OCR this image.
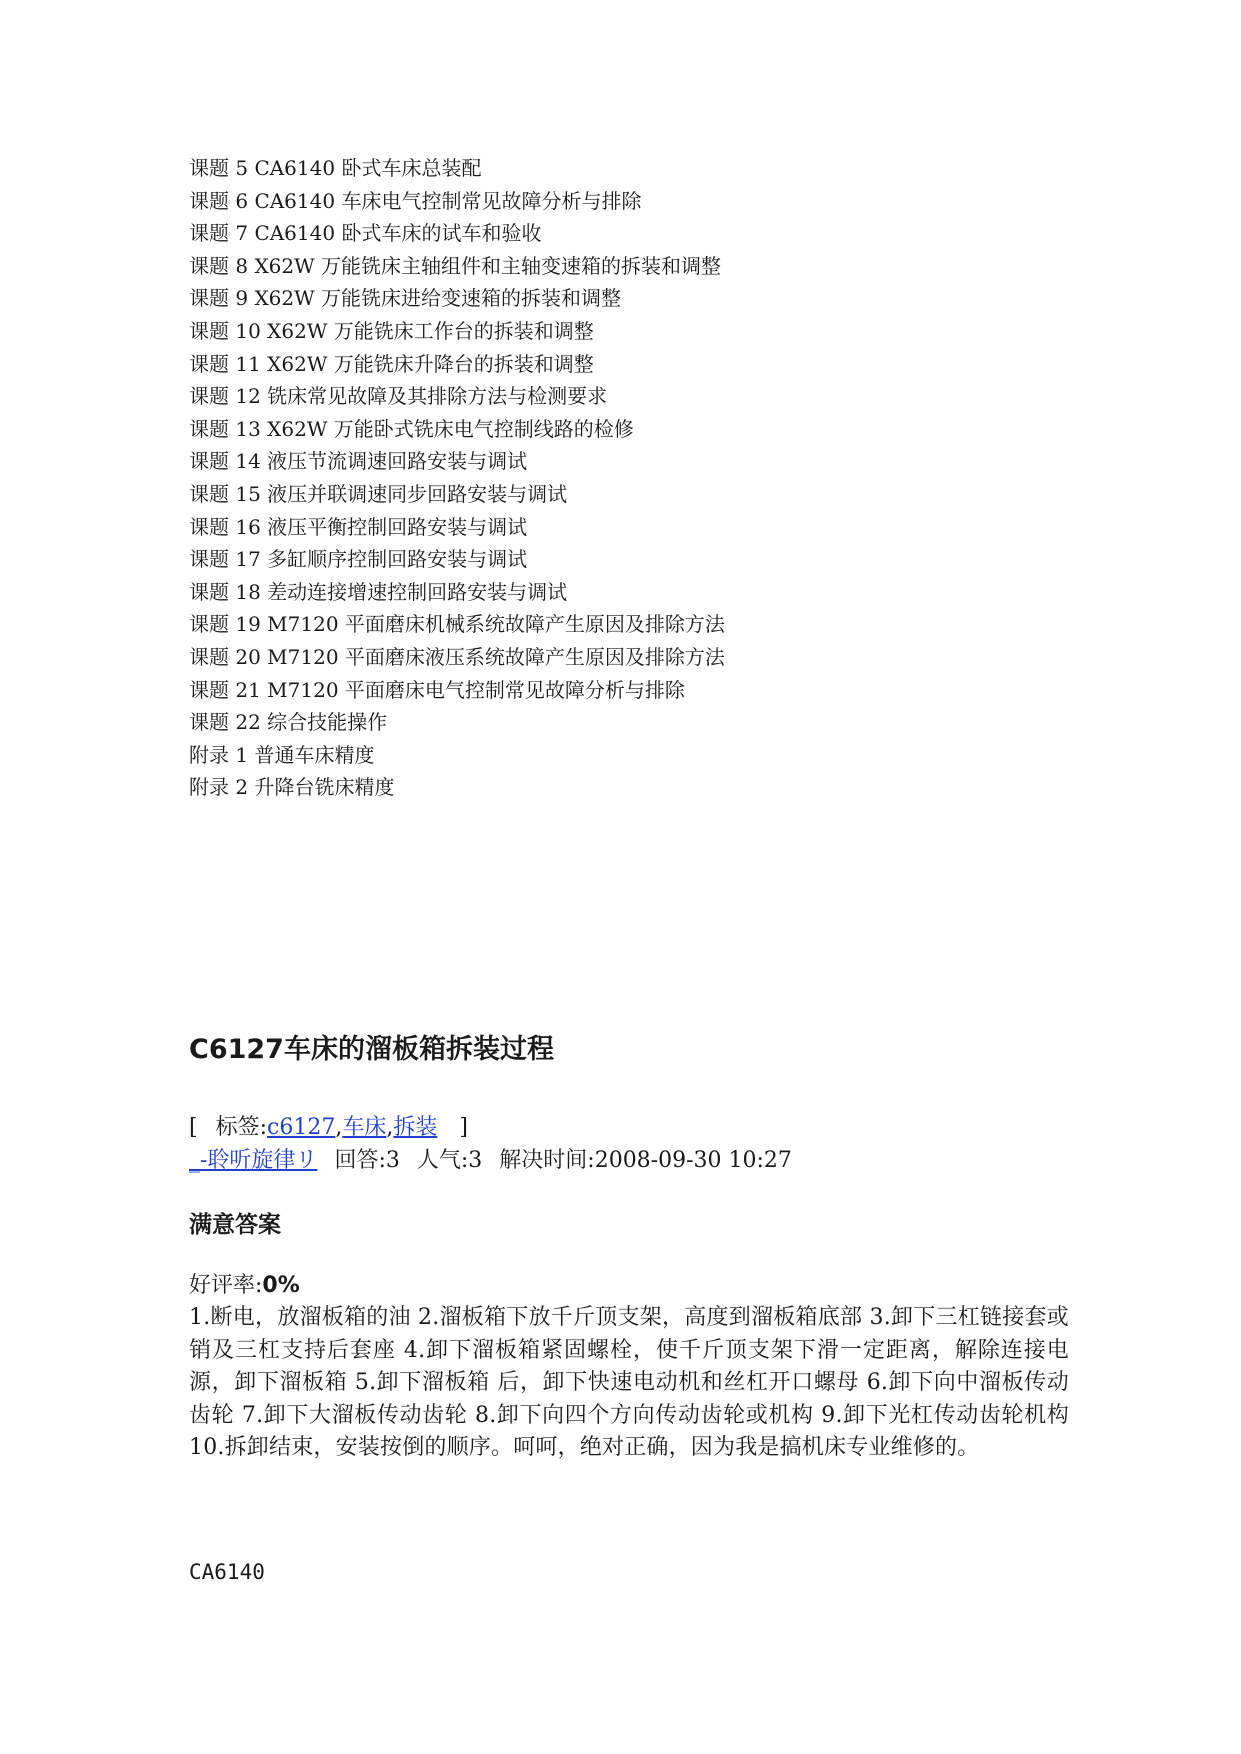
课题 5 CA6140 卧式车床总装配
课题 6 CA6140 车床电气控制常见故障分析与排除
课题 7 CA6140 卧式车床的试车和验收
课题 8 X62W 万能铣床主轴组件和主轴变速箱的拆装和调整
课题 9 X62W 万能铣床进给变速箱的拆装和调整
课题 10 X62W 万能铣床工作台的拆装和调整
课题 11 X62W 万能铣床升降台的拆装和调整
课题 12 铣床常见故障及其排除方法与检测要求
课题 13 X62W 万能卧式铣床电气控制线路的检修
课题 14 液压节流调速回路安装与调试
课题 15 液压并联调速同步回路安装与调试
课题 16 液压平衡控制回路安装与调试
课题 17 多缸顺序控制回路安装与调试
课题 18 差动连接增速控制回路安装与调试
课题 19 M7120 平面磨床机械系统故障产生原因及排除方法
课题 20 M7120 平面磨床液压系统故障产生原因及排除方法
课题 21 M7120 平面磨床电气控制常见故障分析与排除
课题 22 综合技能操作
附录 1 普通车床精度
附录 2 升降台铣床精度
C6127车床的溜板箱拆装过程
[ 标签:c6127,车床,拆装 ]
_-聆听旋律リ 回答:3 人气:3 解决时间:2008-09-30 10:27
满意答案
好评率:0%

1.断电，放溜板箱的油 2.溜板箱下放千斤顶支架，高度到溜板箱底部 3.卸下三杠链接套或销及三杠支持后套座 4.卸下溜板箱紧固螺栓，使千斤顶支架下滑一定距离，解除连接电源，卸下溜板箱 5.卸下溜板箱 后，卸下快速电动机和丝杠开口螺母 6.卸下向中溜板传动齿轮 7.卸下大溜板传动齿轮 8.卸下向四个方向传动齿轮或机构 9.卸下光杠传动齿轮机构 10.拆卸结束，安装按倒的顺序。呵呵，绝对正确，因为我是搞机床专业维修的。

CA6140
